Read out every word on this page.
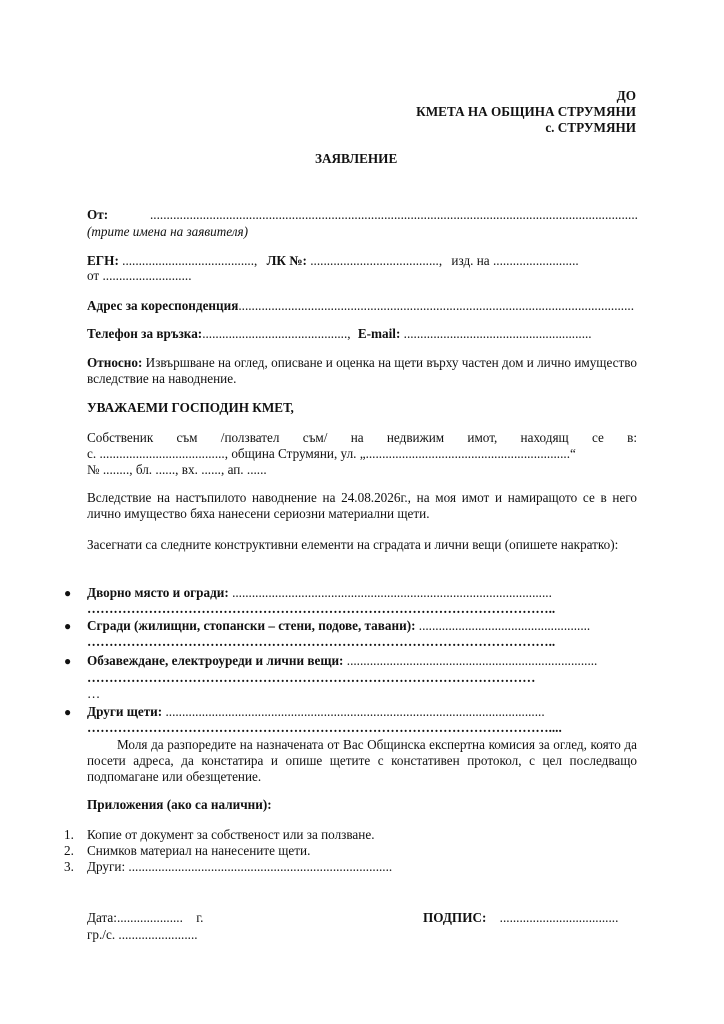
ДО
КМЕТА НА ОБЩИНА СТРУМЯНИ
с. СТРУМЯНИ
ЗАЯВЛЕНИЕ
От:	....................................................................................................................................................
(трите имена на заявителя)
ЕГН: ........................................, ЛК №: ......................................., изд. на ..........................
от ...........................
Адрес за кореспонденция........................................................................................................................
Телефон за връзка:............................................, E-mail: .........................................................
Относно: Извършване на оглед, описване и оценка на щети върху частен дом и лично имущество вследствие на наводнение.
УВАЖАЕМИ ГОСПОДИН КМЕТ,
Собственик съм /ползвател съм/ на недвижим имот, находящ се в:
с. ......................................, община Струмяни, ул. „..............................................................“
№ ........, бл. ......, вх. ......, ап. ......
Вследствие на настъпилото наводнение на 24.08.2026г., на моя имот и намиращото се в него лично имущество бяха нанесени сериозни материални щети.
Засегнати са следните конструктивни елементи на сградата и лични вещи (опишете накратко):
● Дворно място и огради: .................................................................................................
……………………………………………………………………………………………..
● Сгради (жилищни, стопански – стени, подове, тавани): ....................................................
……………………………………………………………………………………………..
● Обзавеждане, електроуреди и лични вещи: ............................................................................
…………………………………………………………………………………………
…
● Други щети: ...................................................................................................................
……………………………………………………………………………………………....
Моля да разпоредите на назначената от Вас Общинска експертна комисия за оглед, която да посети адреса, да констатира и опише щетите с констативен протокол, с цел последващо подпомагане или обезщетение.
Приложения (ако са налични):
1. Копие от документ за собственост или за ползване.
2. Снимков материал на нанесените щети.
3. Други: ................................................................................
Дата:.................... г.
гр./с. ........................
ПОДПИС: ....................................
